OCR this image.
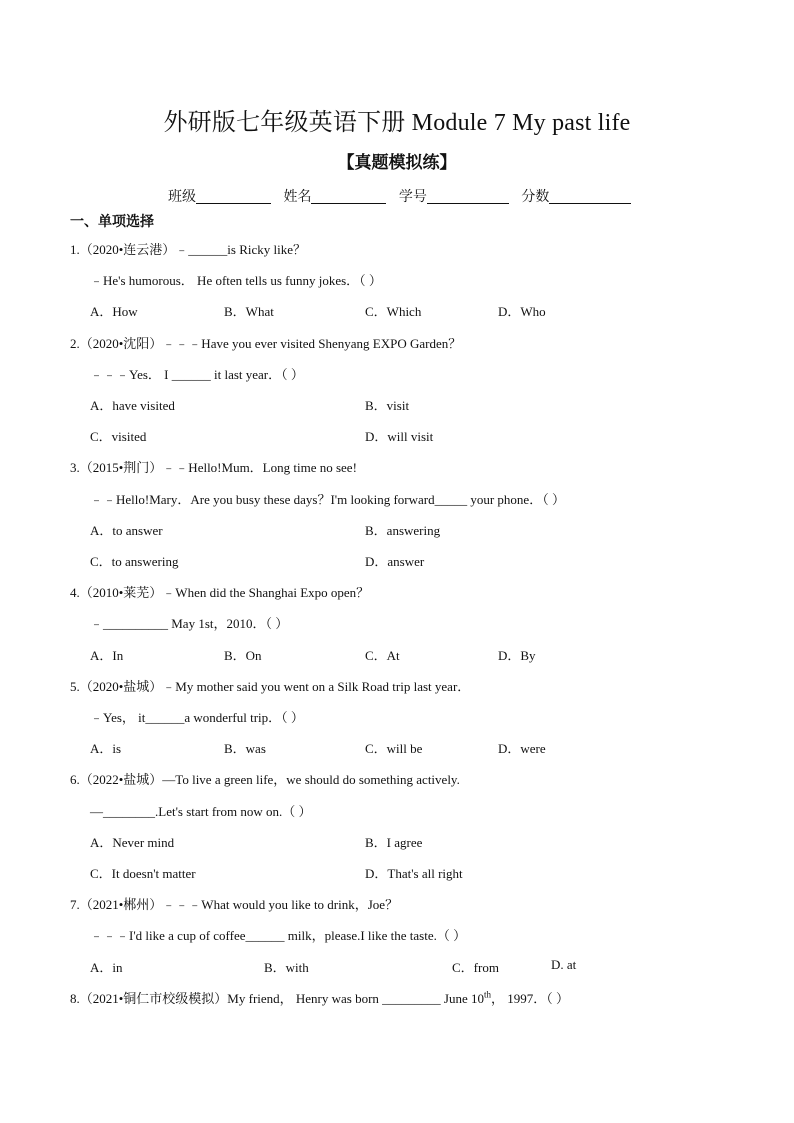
外研版七年级英语下册 Module 7 My past life
【真题模拟练】
班级	姓名	学号	分数
一、单项选择
1.（2020•连云港）﹣______is Ricky like？
﹣He's humorous． He often tells us funny jokes．（ ）
A．How	B．What	C．Which	D．Who
2.（2020•沈阳）﹣﹣﹣Have you ever visited Shenyang EXPO Garden？
﹣﹣﹣Yes． I ______ it last year．（ ）
A．have visited	B．visit
C．visited	D．will visit
3.（2015•荆门）﹣﹣Hello!Mum．Long time no see!
﹣﹣Hello!Mary．Are you busy these days？I'm looking forward_____ your phone．（ ）
A．to answer	B．answering
C．to answering	D．answer
4.（2010•莱芜）﹣When did the Shanghai Expo open？
﹣__________ May 1st，2010．（ ）
A．In	B．On	C．At	D．By
5.（2020•盐城）﹣My mother said you went on a Silk Road trip last year．
﹣Yes， it______a wonderful trip．（ ）
A．is	B．was	C．will be	D．were
6.（2022•盐城）—To live a green life，we should do something actively.
—________.Let's start from now on.（ ）
A．Never mind	B．I agree
C．It doesn't matter	D．That's all right
7.（2021•郴州）﹣﹣﹣What would you like to drink，Joe？
﹣﹣﹣I'd like a cup of coffee______ milk，please.I like the taste.（ ）
A．in	B．with	C．from	D. at
8.（2021•铜仁市校级模拟）My friend， Henry was born _________ June 10th， 1997．（ ）
